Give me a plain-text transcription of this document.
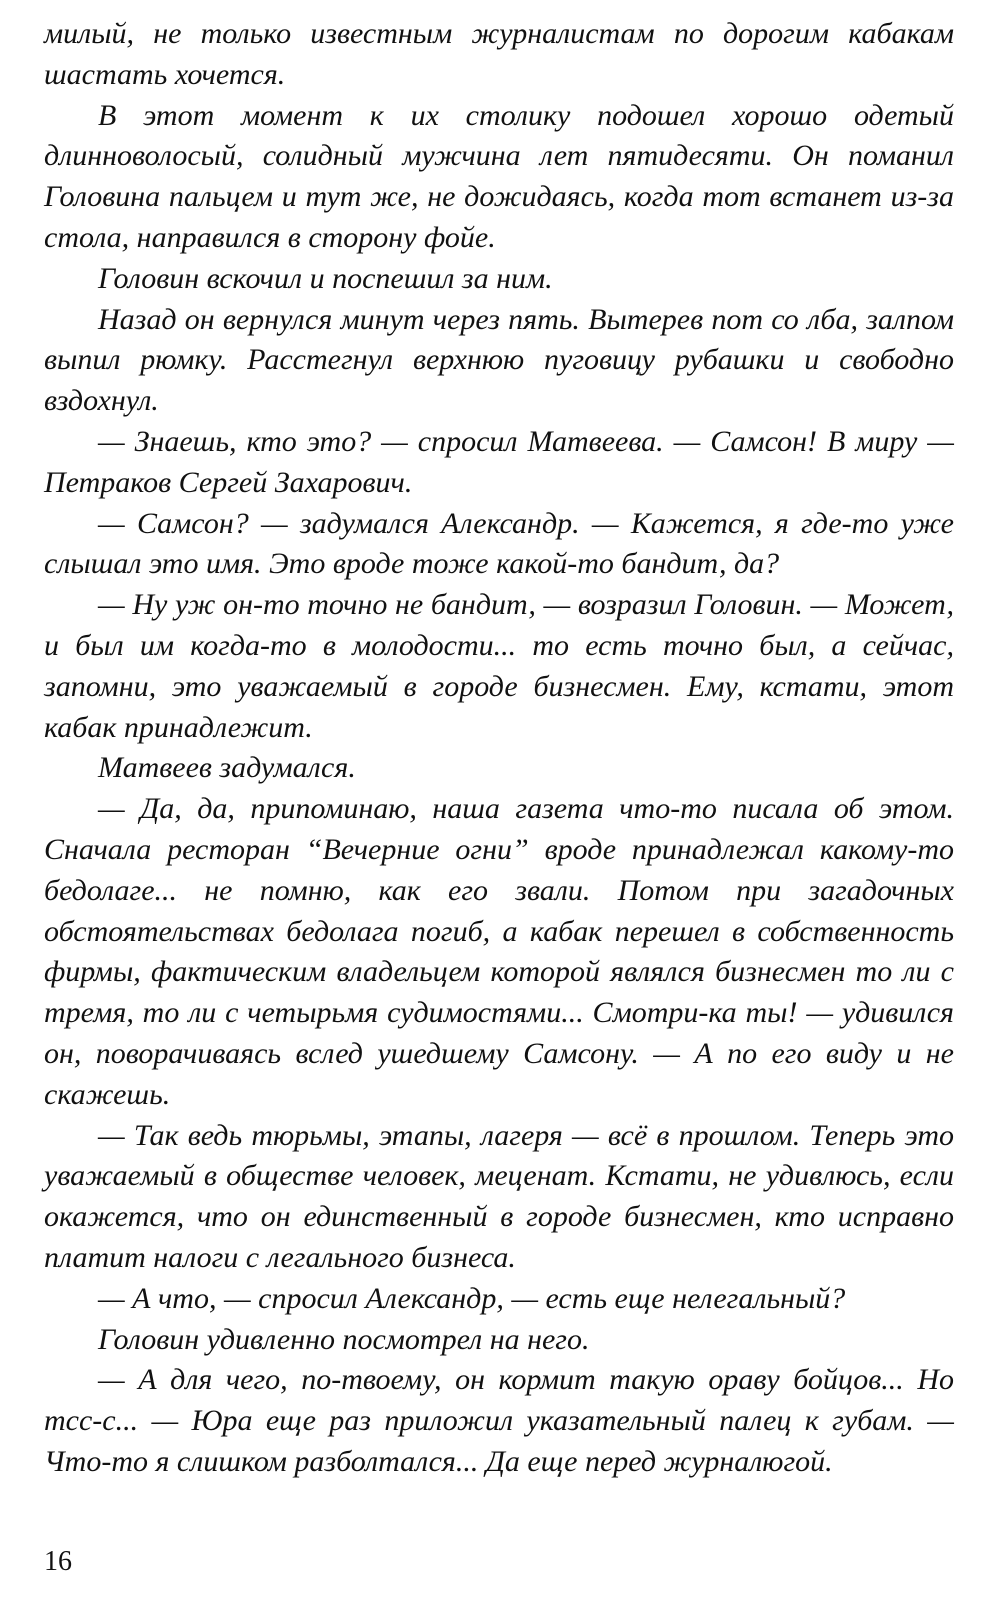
милый, не только известным журналистам по дорогим кабакам шастать хочется.

В этот момент к их столику подошел хорошо одетый длинноволосый, солидный мужчина лет пятидесяти. Он поманил Головина пальцем и тут же, не дожидаясь, когда тот встанет из-за стола, направился в сторону фойе.

Головин вскочил и поспешил за ним.

Назад он вернулся минут через пять. Вытерев пот со лба, залпом выпил рюмку. Расстегнул верхнюю пуговицу рубашки и свободно вздохнул.

— Знаешь, кто это? — спросил Матвеева. — Самсон! В миру — Петраков Сергей Захарович.

— Самсон? — задумался Александр. — Кажется, я где-то уже слышал это имя. Это вроде тоже какой-то бандит, да?

— Ну уж он-то точно не бандит, — возразил Головин. — Может, и был им когда-то в молодости... то есть точно был, а сейчас, запомни, это уважаемый в городе бизнесмен. Ему, кстати, этот кабак принадлежит.

Матвеев задумался.

— Да, да, припоминаю, наша газета что-то писала об этом. Сначала ресторан “Вечерние огни” вроде принадлежал какому-то бедолаге... не помню, как его звали. Потом при загадочных обстоятельствах бедолага погиб, а кабак перешел в собственность фирмы, фактическим владельцем которой являлся бизнесмен то ли с тремя, то ли с четырьмя судимостями... Смотри-ка ты! — удивился он, поворачиваясь вслед ушедшему Самсону. — А по его виду и не скажешь.

— Так ведь тюрьмы, этапы, лагеря — всё в прошлом. Теперь это уважаемый в обществе человек, меценат. Кстати, не удивлюсь, если окажется, что он единственный в городе бизнесмен, кто исправно платит налоги с легального бизнеса.

— А что, — спросил Александр, — есть еще нелегальный?

Головин удивленно посмотрел на него.

— А для чего, по-твоему, он кормит такую ораву бойцов... Но тсс-с... — Юра еще раз приложил указательный палец к губам. — Что-то я слишком разболтался... Да еще перед журналюгой.

16
